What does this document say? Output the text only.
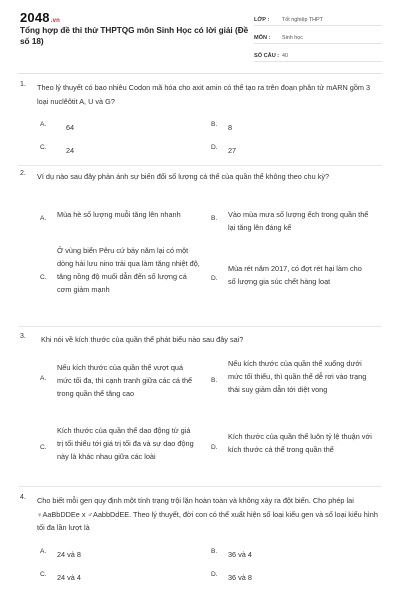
2048.vn
Tổng hợp đề thi thử THPTQG môn Sinh Học có lời giải (Đề số 18)
LỚP :	Tốt nghiệp THPT
MÔN :	Sinh học
SỐ CÂU : 40
1. Theo lý thuyết có bao nhiêu Codon mã hóa cho axit amin có thể tạo ra trên đoạn phân tử mARN gồm 3 loại nuclêôtit A, U và G?
A.	64	B. 8
C.	24	D. 27
2. Ví dụ nào sau đây phản ánh sự biến đổi số lượng cá thể của quần thể không theo chu kỳ?
A. Mùa hè số lượng muỗi tăng lên nhanh	B. Vào mùa mưa số lượng ếch trong quần thể lại tăng lên đáng kể
C.
Ở vùng biển Pêru cứ bảy năm lại có một dòng hải lưu nino trải qua làm tăng nhiệt độ, tăng nồng độ muối dẫn đến số lượng cá cơm giảm mạnh
D.
Mùa rét năm 2017, có đợt rét hại làm cho số lượng gia súc chết hàng loạt
3. Khi nói về kích thước của quần thể phát biểu nào sau đây sai?
A.
Nếu kích thước của quần thể vượt quá mức tối đa, thì cạnh tranh giữa các cá thể trong quần thể tăng cao
B.
Nếu kích thước của quần thể xuống dưới mức tối thiểu, thì quần thể dễ rơi vào trạng thái suy giảm dẫn tới diệt vong
C.
Kích thước của quần thể dao động từ giá trị tối thiểu tới giá trị tối đa và sự dao động này là khác nhau giữa các loài
D.
Kích thước của quần thể luôn tỷ lệ thuận với kích thước cá thể trong quần thể
4. Cho biết mỗi gen quy định một tính trạng trội lặn hoàn toàn và không xảy ra đột biến. Cho phép lai ♀AaBbDDEe x ♂AabbDdEE. Theo lý thuyết, đời con có thể xuất hiện số loại kiểu gen và số loại kiểu hình tối đa lần lượt là
A. 24 và 8	B. 36 và 4
C. 24 và 4	D. 36 và 8
